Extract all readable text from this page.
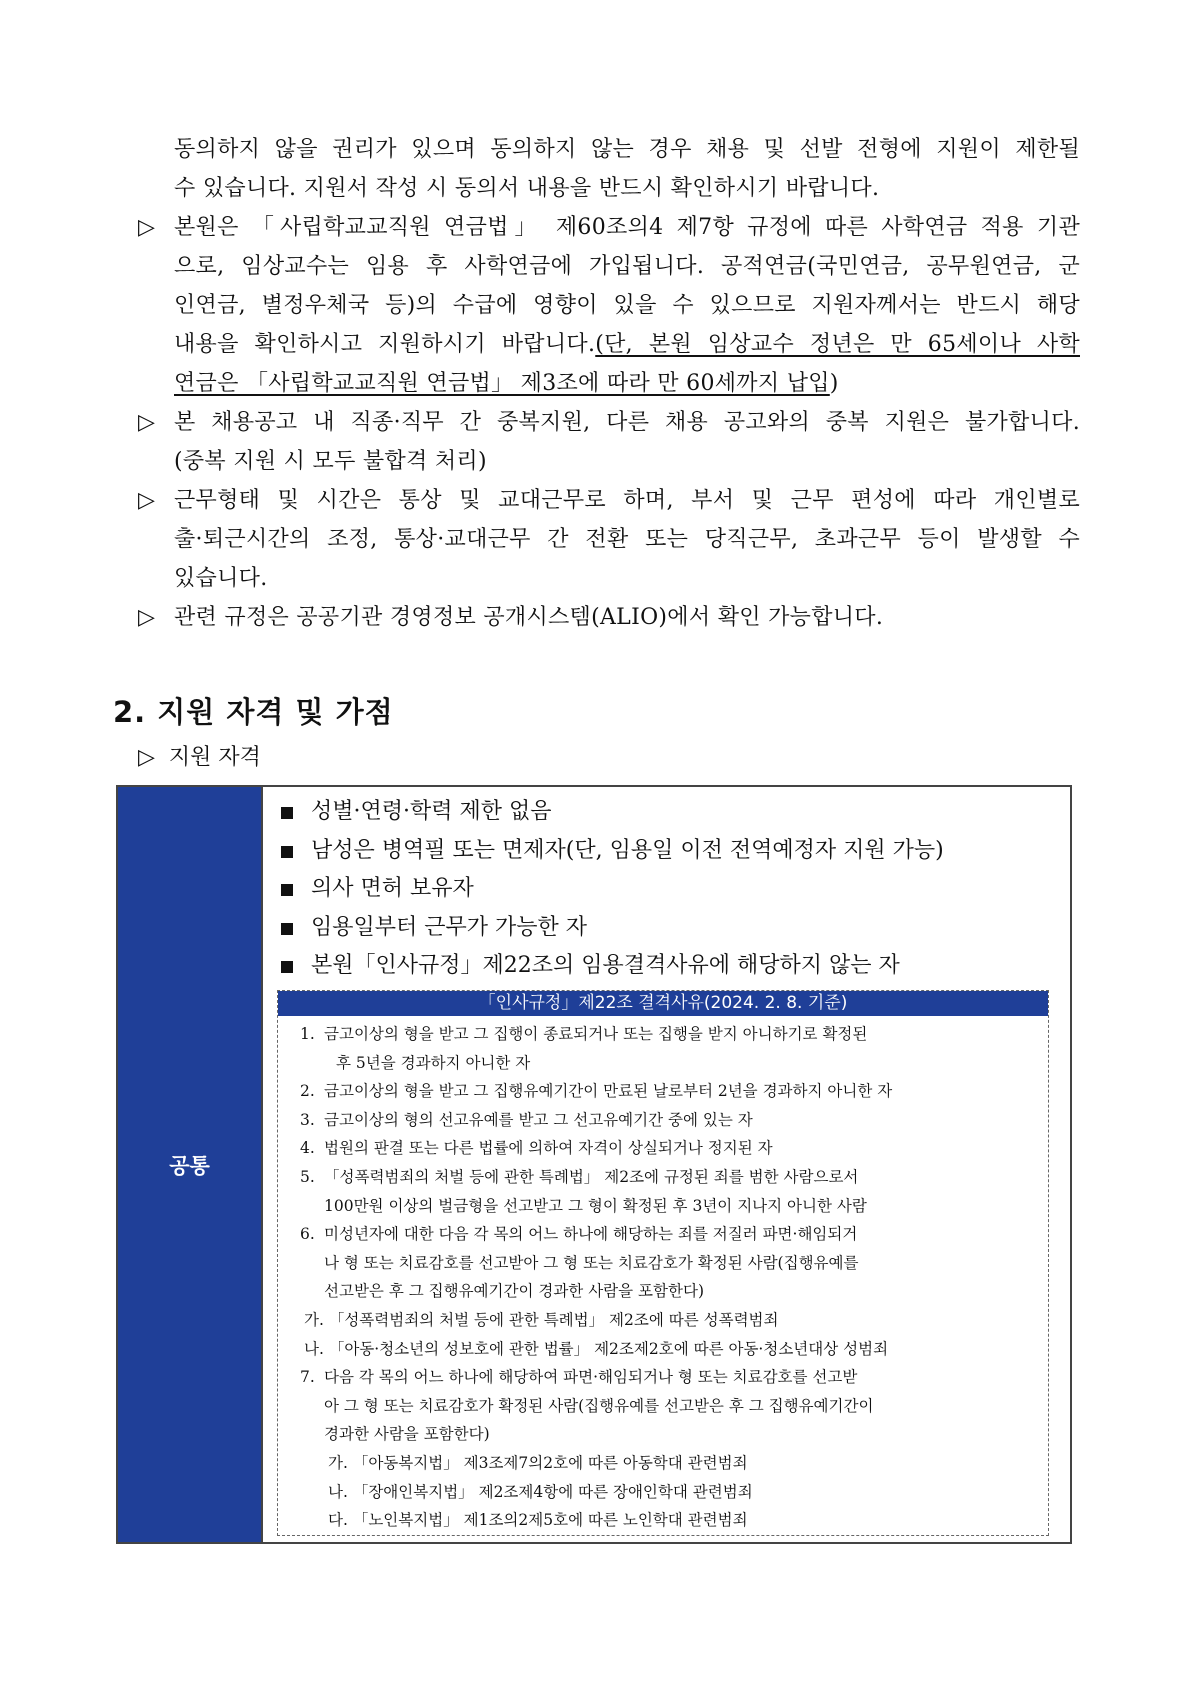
동의하지 않을 권리가 있으며 동의하지 않는 경우 채용 및 선발 전형에 지원이 제한될

수 있습니다. 지원서 작성 시 동의서 내용을 반드시 확인하시기 바랍니다.

▷ 본원은 「사립학교교직원 연금법」 제60조의4 제7항 규정에 따른 사학연금 적용 기관

으로, 임상교수는 임용 후 사학연금에 가입됩니다. 공적연금(국민연금, 공무원연금, 군

인연금, 별정우체국 등)의 수급에 영향이 있을 수 있으므로 지원자께서는 반드시 해당

내용을 확인하시고 지원하시기 바랍니다.(단, 본원 임상교수 정년은 만 65세이나 사학

연금은 「사립학교교직원 연금법」 제3조에 따라 만 60세까지 납입)

▷ 본 채용공고 내 직종·직무 간 중복지원, 다른 채용 공고와의 중복 지원은 불가합니다.

(중복 지원 시 모두 불합격 처리)

▷ 근무형태 및 시간은 통상 및 교대근무로 하며, 부서 및 근무 편성에 따라 개인별로

출·퇴근시간의 조정, 통상·교대근무 간 전환 또는 당직근무, 초과근무 등이 발생할 수

있습니다.

▷ 관련 규정은 공공기관 경영정보 공개시스템(ALIO)에서 확인 가능합니다.

2. 지원 자격 및 가점
▷ 지원 자격
공통
성별·연령·학력 제한 없음
남성은 병역필 또는 면제자(단, 임용일 이전 전역예정자 지원 가능)
의사 면허 보유자
임용일부터 근무가 가능한 자
본원「인사규정」제22조의 임용결격사유에 해당하지 않는 자
「인사규정」제22조 결격사유(2024. 2. 8. 기준)

1. 금고이상의 형을 받고 그 집행이 종료되거나 또는 집행을 받지 아니하기로 확정된

후 5년을 경과하지 아니한 자

2. 금고이상의 형을 받고 그 집행유예기간이 만료된 날로부터 2년을 경과하지 아니한 자

3. 금고이상의 형의 선고유예를 받고 그 선고유예기간 중에 있는 자

4. 법원의 판결 또는 다른 법률에 의하여 자격이 상실되거나 정지된 자

5. 「성폭력범죄의 처벌 등에 관한 특례법」 제2조에 규정된 죄를 범한 사람으로서

100만원 이상의 벌금형을 선고받고 그 형이 확정된 후 3년이 지나지 아니한 사람

6. 미성년자에 대한 다음 각 목의 어느 하나에 해당하는 죄를 저질러 파면·해임되거

나 형 또는 치료감호를 선고받아 그 형 또는 치료감호가 확정된 사람(집행유예를

선고받은 후 그 집행유예기간이 경과한 사람을 포함한다)

가. 「성폭력범죄의 처벌 등에 관한 특례법」 제2조에 따른 성폭력범죄

나. 「아동·청소년의 성보호에 관한 법률」 제2조제2호에 따른 아동·청소년대상 성범죄

7. 다음 각 목의 어느 하나에 해당하여 파면·해임되거나 형 또는 치료감호를 선고받

아 그 형 또는 치료감호가 확정된 사람(집행유예를 선고받은 후 그 집행유예기간이

경과한 사람을 포함한다)

가. 「아동복지법」 제3조제7의2호에 따른 아동학대 관련범죄

나. 「장애인복지법」 제2조제4항에 따른 장애인학대 관련범죄

다. 「노인복지법」 제1조의2제5호에 따른 노인학대 관련범죄
